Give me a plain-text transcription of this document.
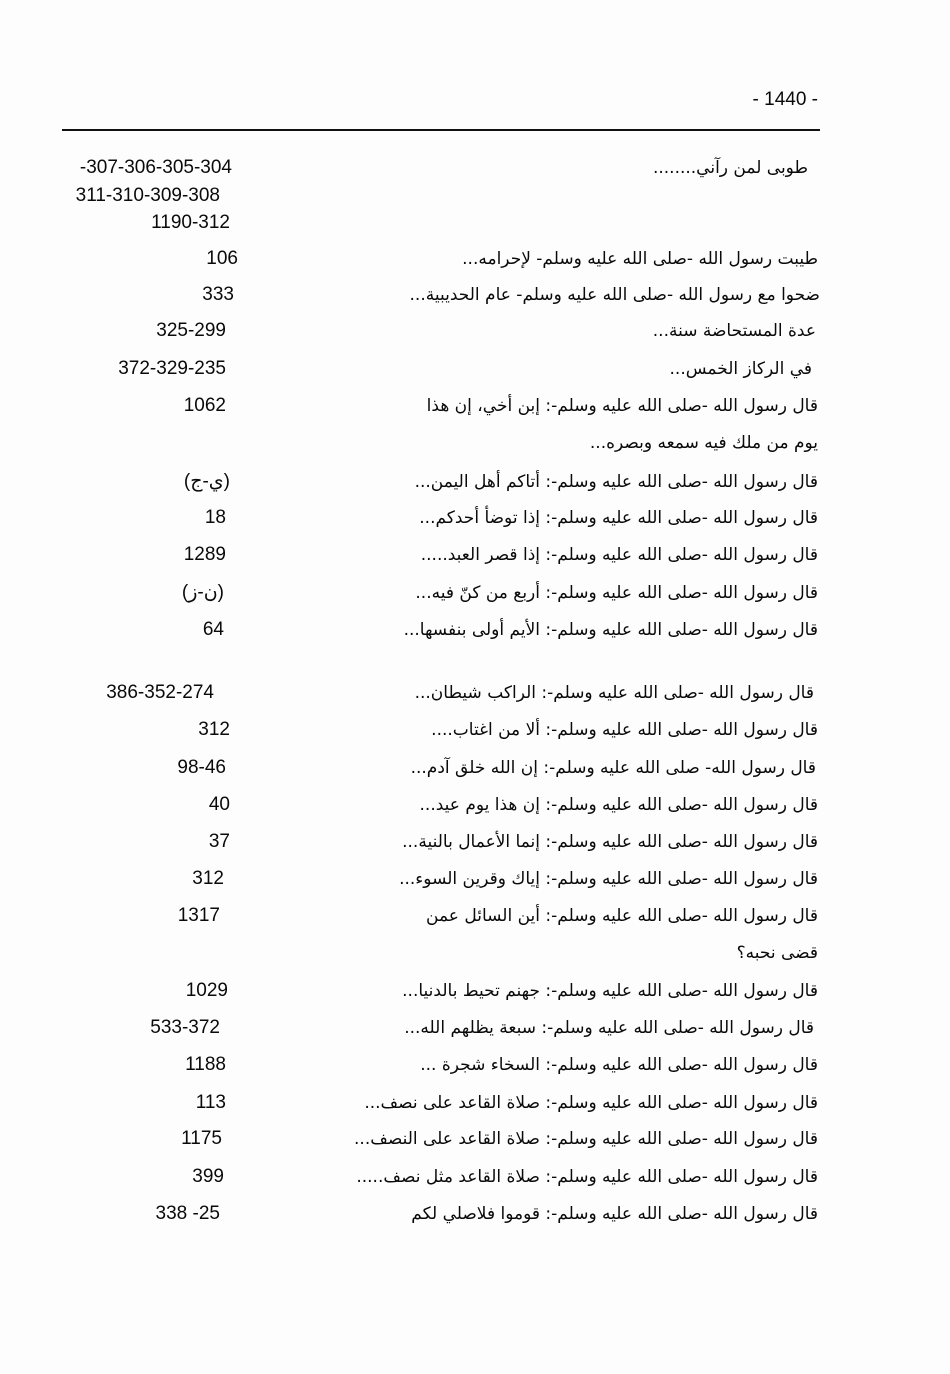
- 1440 -
طوبى لمن رآني........
-307-306-305-304
311-310-309-308
1190-312
طيبت رسول الله -صلى الله عليه وسلم- لإحرامه...
106
ضحوا مع رسول الله -صلى الله عليه وسلم- عام الحديبية...
333
عدة المستحاضة سنة...
325-299
في الركاز الخمس...
372-329-235
قال رسول الله -صلى الله عليه وسلم-: إبن أخي، إن هذا
يوم من ملك فيه سمعه وبصره...
1062
قال رسول الله -صلى الله عليه وسلم-: أتاكم أهل اليمن...
(ج-ي)
قال رسول الله -صلى الله عليه وسلم-: إذا توضأ أحدكم...
18
قال رسول الله -صلى الله عليه وسلم-: إذا قصر العبد.....
1289
قال رسول الله -صلى الله عليه وسلم-: أربع من كنّ فيه...
(ز-ن)
قال رسول الله -صلى الله عليه وسلم-: الأيم أولى بنفسها...
64
قال رسول الله -صلى الله عليه وسلم-: الراكب شيطان...
386-352-274
قال رسول الله -صلى الله عليه وسلم-: ألا من اغتاب....
312
قال رسول الله- صلى الله عليه وسلم-: إن الله خلق آدم...
98-46
قال رسول الله -صلى الله عليه وسلم-: إن هذا يوم عيد...
40
قال رسول الله -صلى الله عليه وسلم-: إنما الأعمال بالنية...
37
قال رسول الله -صلى الله عليه وسلم-: إياك وقرين السوء...
312
قال رسول الله -صلى الله عليه وسلم-: أين السائل عمن
قضى نحبه؟
1317
قال رسول الله -صلى الله عليه وسلم-: جهنم تحيط بالدنيا...
1029
قال رسول الله -صلى الله عليه وسلم-: سبعة يظلهم الله...
533-372
قال رسول الله -صلى الله عليه وسلم-: السخاء شجرة ...
1188
قال رسول الله -صلى الله عليه وسلم-: صلاة القاعد على نصف...
113
قال رسول الله -صلى الله عليه وسلم-: صلاة القاعد على النصف...
1175
قال رسول الله -صلى الله عليه وسلم-: صلاة القاعد مثل نصف.....
399
قال رسول الله -صلى الله عليه وسلم-: قوموا فلاصلي لكم
338 -25
